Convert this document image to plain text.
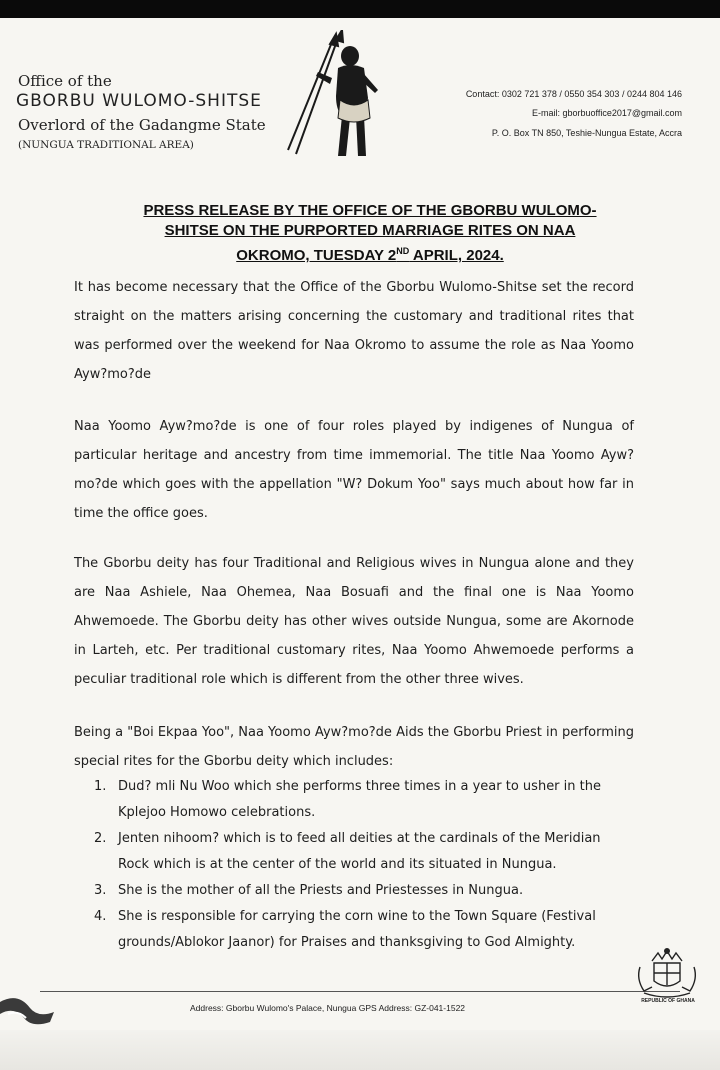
Office of the
GBORBU WULOMO-SHITSE
Overlord of the Gadangme State
(NUNGUA TRADITIONAL AREA)
Contact: 0302 721 378 / 0550 354 303 / 0244 804 146
E-mail: gborbuoffice2017@gmail.com
P. O. Box TN 850, Teshie-Nungua Estate, Accra
PRESS RELEASE BY THE OFFICE OF THE GBORBU WULOMO-
SHITSE ON THE PURPORTED MARRIAGE RITES ON NAA
OKROMO, TUESDAY 2ND APRIL, 2024.

It has become necessary that the Office of the Gborbu Wulomo-Shitse set the record straight on the matters arising concerning the customary and traditional rites that was performed over the weekend for Naa Okromo to assume the role as Naa Yoomo Ayw?mo?de

Naa Yoomo Ayw?mo?de is one of four roles played by indigenes of Nungua of particular heritage and ancestry from time immemorial. The title Naa Yoomo Ayw?mo?de which goes with the appellation "W? Dokum Yoo" says much about how far in time the office goes.

The Gborbu deity has four Traditional and Religious wives in Nungua alone and they are Naa Ashiele, Naa Ohemea, Naa Bosuafi and the final one is Naa Yoomo Ahwemoede. The Gborbu deity has other wives outside Nungua, some are Akornode in Larteh, etc. Per traditional customary rites, Naa Yoomo Ahwemoede performs a peculiar traditional role which is different from the other three wives.

Being a "Boi Ekpaa Yoo", Naa Yoomo Ayw?mo?de Aids the Gborbu Priest in performing special rites for the Gborbu deity which includes:

1. Dud? mli Nu Woo which she performs three times in a year to usher in the Kplejoo Homowo celebrations.
2. Jenten nihoom? which is to feed all deities at the cardinals of the Meridian Rock which is at the center of the world and its situated in Nungua.
3. She is the mother of all the Priests and Priestesses in Nungua.
4. She is responsible for carrying the corn wine to the Town Square (Festival grounds/Ablokor Jaanor) for Praises and thanksgiving to God Almighty.
Address: Gborbu Wulomo's Palace, Nungua GPS Address: GZ-041-1522
REPUBLIC OF GHANA
